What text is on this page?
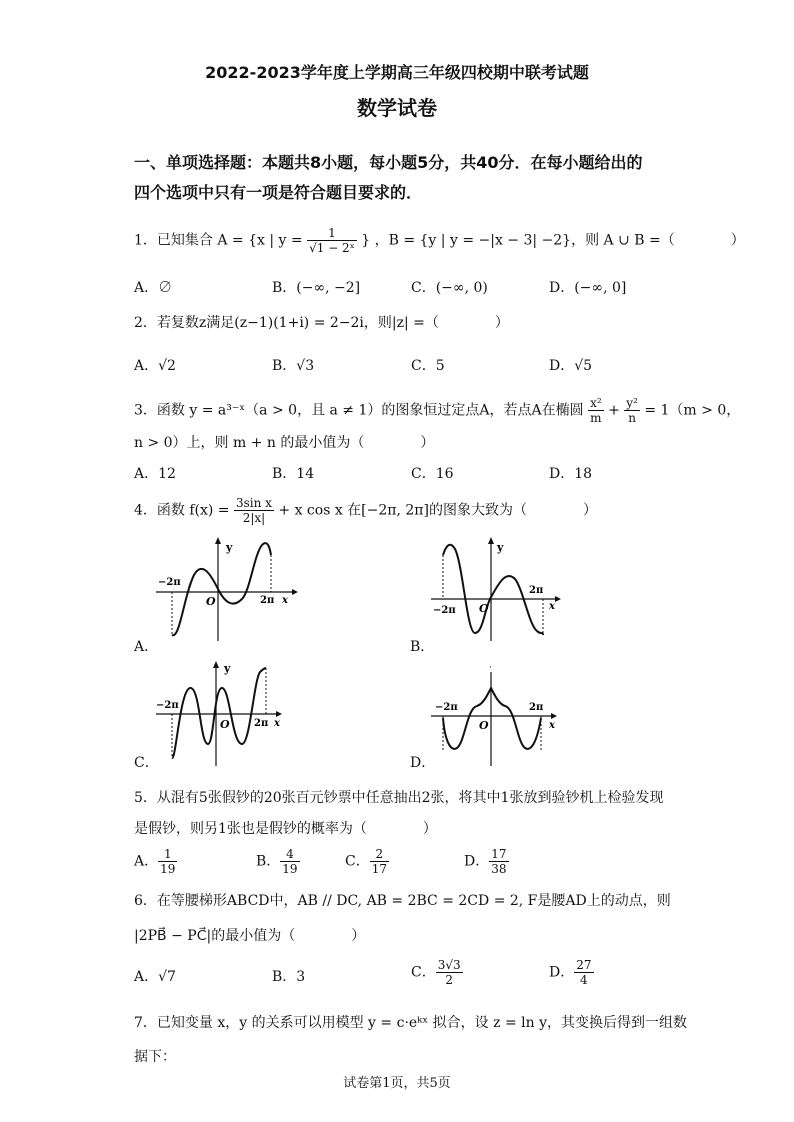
2022-2023学年度上学期高三年级四校期中联考试题
数学试卷
一、单项选择题：本题共8小题，每小题5分，共40分．在每小题给出的
四个选项中只有一项是符合题目要求的．
1．已知集合 A = {x | $y = \frac{1}{\text{√1 − 2ˣ}}$ } ，B = {y | y = −|x − 3| −2}，则 A ∪ B =（　　　　）
A．∅	B．(−∞, −2]	C．(−∞, 0)	D．(−∞, 0]
2．若复数z满足(z−1)(1+i) = 2−2i，则|z| =（　　　　）
A．√2	B．√3	C．5	D．√5
3．函数 y = a³⁻ˣ（a > 0，且 a ≠ 1）的图象恒过定点A，若点A在椭圆 $\frac{\text{x²}}{m} + \frac{\text{y²}}{n} = 1(m > 0$，
n > 0）上，则 m + n 的最小值为（　　　　）
A．12	B．14	C．16	D．18
4．函数 $f(x) = \frac{\text{3sin x}}{2|x|} + x$ cos x 在[−2π, 2π]的图象大致为（　　　　）
y
O
−2π
2π x
A．
y
O
−2π
2π
x
B．
y
O
−2π
2π x
C．
·
O
−2π	2π
x
D．
5．从混有5张假钞的20张百元钞票中任意抽出2张，将其中1张放到验钞机上检验发现
是假钞，则另1张也是假钞的概率为（　　　　）
A． $\frac{1}{19}$	B． $\frac{4}{19}$	C． $\frac{2}{17}$	D． $\frac{17}{38}$
6．在等腰梯形ABCD中，AB // DC, AB = 2BC = 2CD = 2, F是腰AD上的动点，则
|2PB⃗ − PC⃗|的最小值为（　　　　）
A．√7	B．3	C． $\frac{3√3}{2}$	D． $\frac{27}{4}$
7．已知变量 x，y 的关系可以用模型 y = c·eᵏˣ 拟合，设 z = ln y，其变换后得到一组数
据下：
试卷第1页，共5页
